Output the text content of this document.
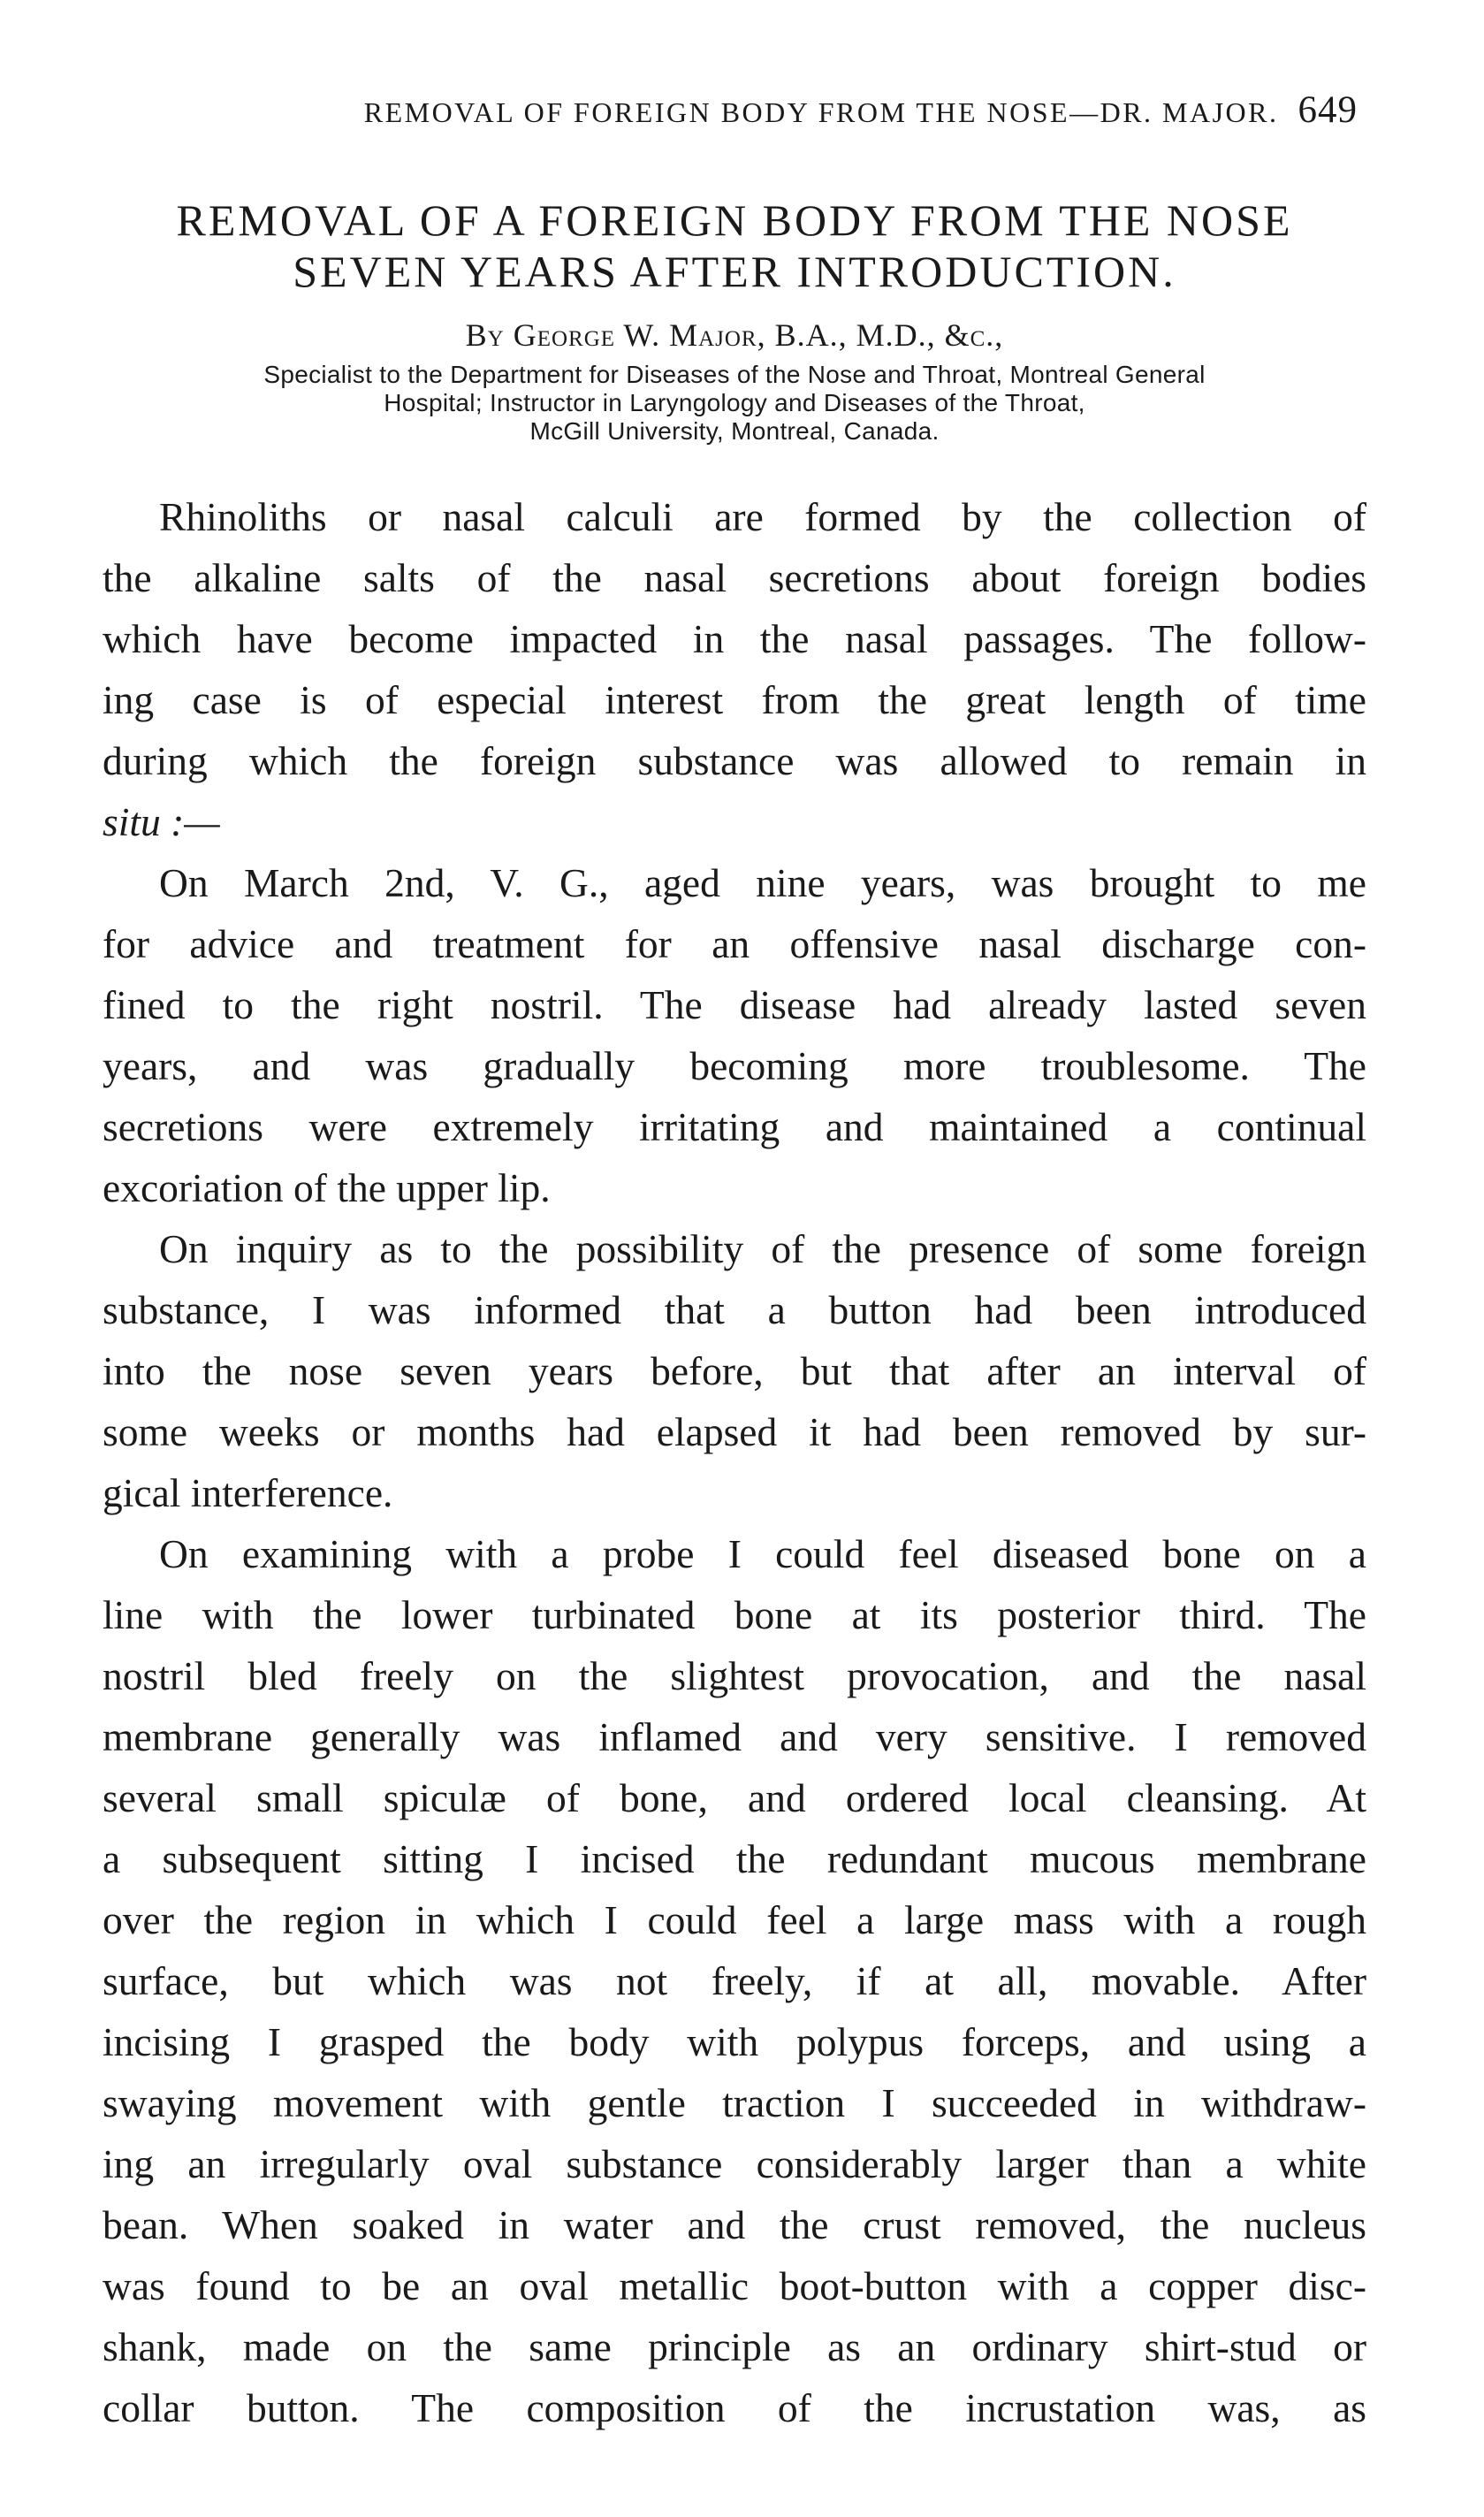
REMOVAL OF FOREIGN BODY FROM THE NOSE—DR. MAJOR. 649
REMOVAL OF A FOREIGN BODY FROM THE NOSE
SEVEN YEARS AFTER INTRODUCTION.
By George W. Major, B.A., M.D., &c.,
Specialist to the Department for Diseases of the Nose and Throat, Montreal General
Hospital; Instructor in Laryngology and Diseases of the Throat,
McGill University, Montreal, Canada.
Rhinoliths or nasal calculi are formed by the collection of
the alkaline salts of the nasal secretions about foreign bodies
which have become impacted in the nasal passages. The follow-
ing case is of especial interest from the great length of time
during which the foreign substance was allowed to remain in
situ :—
On March 2nd, V. G., aged nine years, was brought to me
for advice and treatment for an offensive nasal discharge con-
fined to the right nostril. The disease had already lasted seven
years, and was gradually becoming more troublesome. The
secretions were extremely irritating and maintained a continual
excoriation of the upper lip.
On inquiry as to the possibility of the presence of some foreign
substance, I was informed that a button had been introduced
into the nose seven years before, but that after an interval of
some weeks or months had elapsed it had been removed by sur-
gical interference.
On examining with a probe I could feel diseased bone on a
line with the lower turbinated bone at its posterior third. The
nostril bled freely on the slightest provocation, and the nasal
membrane generally was inflamed and very sensitive. I removed
several small spiculæ of bone, and ordered local cleansing. At
a subsequent sitting I incised the redundant mucous membrane
over the region in which I could feel a large mass with a rough
surface, but which was not freely, if at all, movable. After
incising I grasped the body with polypus forceps, and using a
swaying movement with gentle traction I succeeded in withdraw-
ing an irregularly oval substance considerably larger than a white
bean. When soaked in water and the crust removed, the nucleus
was found to be an oval metallic boot-button with a copper disc-
shank, made on the same principle as an ordinary shirt-stud or
collar button. The composition of the incrustation was, as
